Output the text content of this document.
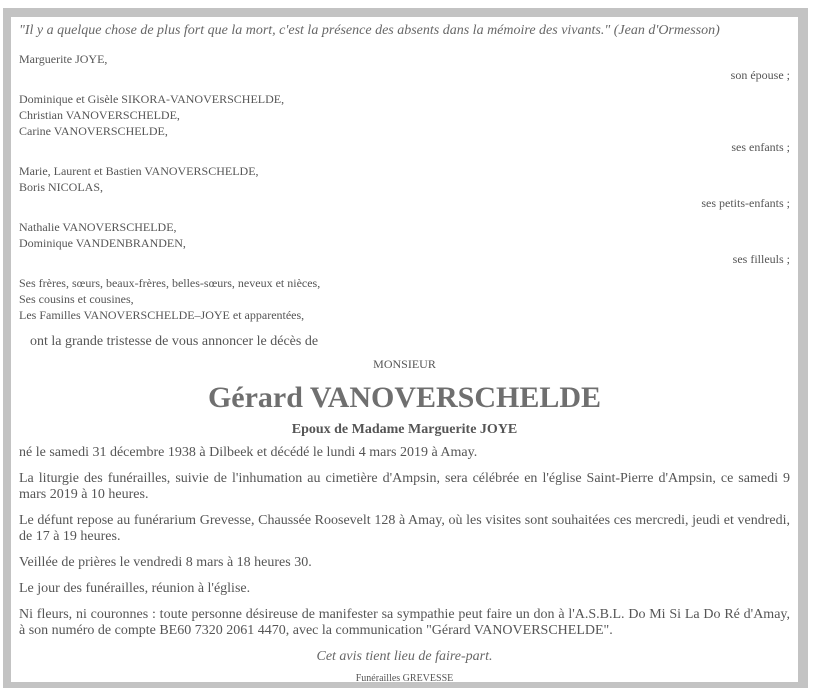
"Il y a quelque chose de plus fort que la mort, c'est la présence des absents dans la mémoire des vivants." (Jean d'Ormesson)
Marguerite JOYE,
son épouse ;
Dominique et Gisèle SIKORA-VANOVERSCHELDE,
Christian VANOVERSCHELDE,
Carine VANOVERSCHELDE,
ses enfants ;
Marie, Laurent et Bastien VANOVERSCHELDE,
Boris NICOLAS,
ses petits-enfants ;
Nathalie VANOVERSCHELDE,
Dominique VANDENBRANDEN,
ses filleuls ;
Ses frères, sœurs, beaux-frères, belles-sœurs, neveux et nièces,
Ses cousins et cousines,
Les Familles VANOVERSCHELDE–JOYE et apparentées,
ont la grande tristesse de vous annoncer le décès de
MONSIEUR
Gérard VANOVERSCHELDE
Epoux de Madame Marguerite JOYE
né le samedi 31 décembre 1938 à Dilbeek et décédé le lundi 4 mars 2019 à Amay.
La liturgie des funérailles, suivie de l'inhumation au cimetière d'Ampsin, sera célébrée en l'église Saint-Pierre d'Ampsin, ce samedi 9 mars 2019 à 10 heures.
Le défunt repose au funérarium Grevesse, Chaussée Roosevelt 128 à Amay, où les visites sont souhaitées ces mercredi, jeudi et vendredi, de 17 à 19 heures.
Veillée de prières le vendredi 8 mars à 18 heures 30.
Le jour des funérailles, réunion à l'église.
Ni fleurs, ni couronnes : toute personne désireuse de manifester sa sympathie peut faire un don à l'A.S.B.L. Do Mi Si La Do Ré d'Amay, à son numéro de compte BE60 7320 2061 4470, avec la communication "Gérard VANOVERSCHELDE".
Cet avis tient lieu de faire-part.
Funérailles GREVESSE
